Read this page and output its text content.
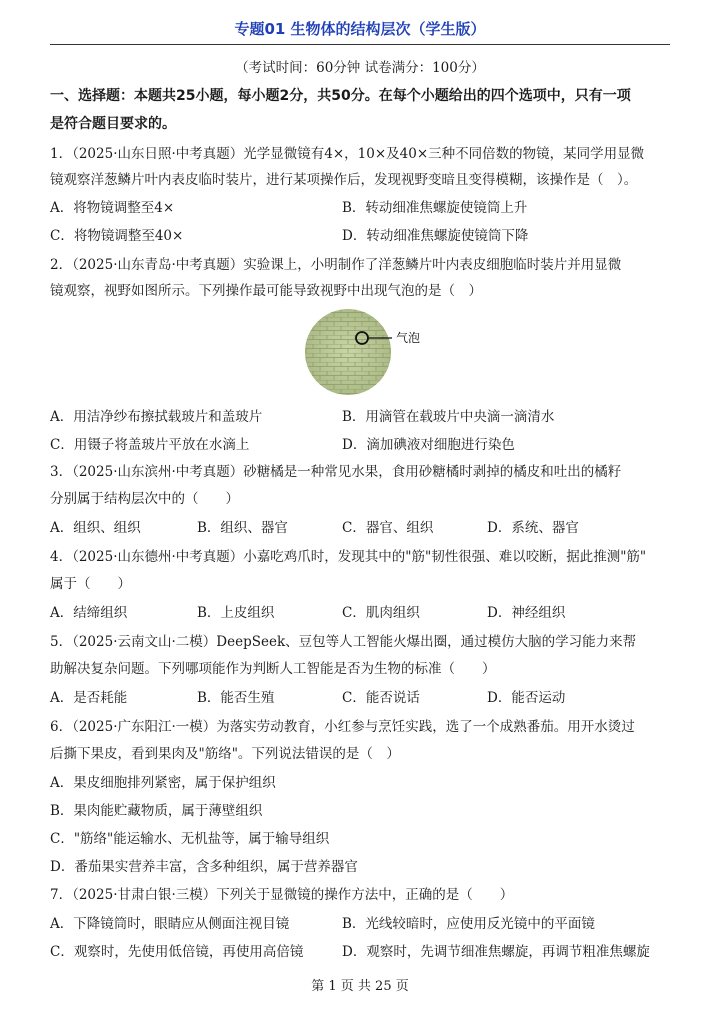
专题01 生物体的结构层次（学生版）
（考试时间：60分钟 试卷满分：100分）
一、选择题：本题共25小题，每小题2分，共50分。在每个小题给出的四个选项中，只有一项
是符合题目要求的。
1．（2025·山东日照·中考真题）光学显微镜有4×，10×及40×三种不同倍数的物镜，某同学用显微
镜观察洋葱鳞片叶内表皮临时装片，进行某项操作后，发现视野变暗且变得模糊，该操作是（　）。
A．将物镜调整至4×	B．转动细准焦螺旋使镜筒上升
C．将物镜调整至40×	D．转动细准焦螺旋使镜筒下降
2．（2025·山东青岛·中考真题）实验课上，小明制作了洋葱鳞片叶内表皮细胞临时装片并用显微
镜观察，视野如图所示。下列操作最可能导致视野中出现气泡的是（　）
气泡
A．用洁净纱布擦拭载玻片和盖玻片	B．用滴管在载玻片中央滴一滴清水
C．用镊子将盖玻片平放在水滴上	D．滴加碘液对细胞进行染色
3．（2025·山东滨州·中考真题）砂糖橘是一种常见水果，食用砂糖橘时剥掉的橘皮和吐出的橘籽
分别属于结构层次中的（　　）
A．组织、组织	B．组织、器官	C．器官、组织	D．系统、器官
4．（2025·山东德州·中考真题）小嘉吃鸡爪时，发现其中的"筋"韧性很强、难以咬断，据此推测"筋"
属于（　　）
A．结缔组织	B．上皮组织	C．肌肉组织	D．神经组织
5．（2025·云南文山·二模）DeepSeek、豆包等人工智能火爆出圈，通过模仿大脑的学习能力来帮
助解决复杂问题。下列哪项能作为判断人工智能是否为生物的标准（　　）
A．是否耗能	B．能否生殖	C．能否说话	D．能否运动
6．（2025·广东阳江·一模）为落实劳动教育，小红参与烹饪实践，选了一个成熟番茄。用开水烫过
后撕下果皮，看到果肉及"筋络"。下列说法错误的是（　）
A．果皮细胞排列紧密，属于保护组织
B．果肉能贮藏物质，属于薄壁组织
C．"筋络"能运输水、无机盐等，属于输导组织
D．番茄果实营养丰富，含多种组织，属于营养器官
7．（2025·甘肃白银·三模）下列关于显微镜的操作方法中，正确的是（　　）
A．下降镜筒时，眼睛应从侧面注视目镜	B．光线较暗时，应使用反光镜中的平面镜
C．观察时，先使用低倍镜，再使用高倍镜	D．观察时，先调节细准焦螺旋，再调节粗准焦螺旋
第 1 页 共 25 页
